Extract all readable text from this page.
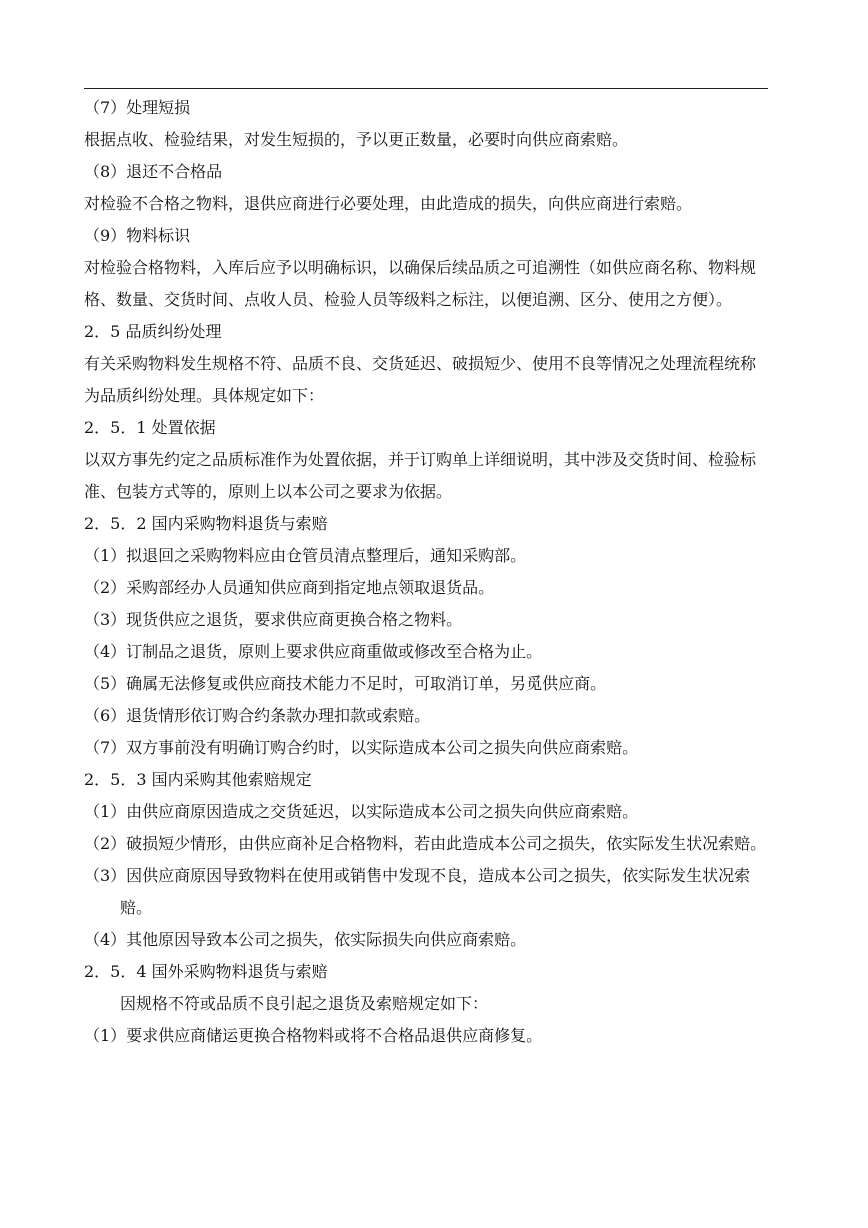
（7）处理短损
根据点收、检验结果，对发生短损的，予以更正数量，必要时向供应商索赔。
（8）退还不合格品
对检验不合格之物料，退供应商进行必要处理，由此造成的损失，向供应商进行索赔。
（9）物料标识
对检验合格物料，入库后应予以明确标识，以确保后续品质之可追溯性（如供应商名称、物料规格、数量、交货时间、点收人员、检验人员等级料之标注，以便追溯、区分、使用之方便）。
2．5 品质纠纷处理
有关采购物料发生规格不符、品质不良、交货延迟、破损短少、使用不良等情况之处理流程统称为品质纠纷处理。具体规定如下：
2．5．1 处置依据
以双方事先约定之品质标准作为处置依据，并于订购单上详细说明，其中涉及交货时间、检验标准、包装方式等的，原则上以本公司之要求为依据。
2．5．2 国内采购物料退货与索赔
（1）拟退回之采购物料应由仓管员清点整理后，通知采购部。
（2）采购部经办人员通知供应商到指定地点领取退货品。
（3）现货供应之退货，要求供应商更换合格之物料。
（4）订制品之退货，原则上要求供应商重做或修改至合格为止。
（5）确属无法修复或供应商技术能力不足时，可取消订单，另觅供应商。
（6）退货情形依订购合约条款办理扣款或索赔。
（7）双方事前没有明确订购合约时，以实际造成本公司之损失向供应商索赔。
2．5．3 国内采购其他索赔规定
（1）由供应商原因造成之交货延迟，以实际造成本公司之损失向供应商索赔。
（2）破损短少情形，由供应商补足合格物料，若由此造成本公司之损失，依实际发生状况索赔。
（3）因供应商原因导致物料在使用或销售中发现不良，造成本公司之损失，依实际发生状况索赔。
（4）其他原因导致本公司之损失，依实际损失向供应商索赔。
2．5．4 国外采购物料退货与索赔
因规格不符或品质不良引起之退货及索赔规定如下：
（1）要求供应商储运更换合格物料或将不合格品退供应商修复。
